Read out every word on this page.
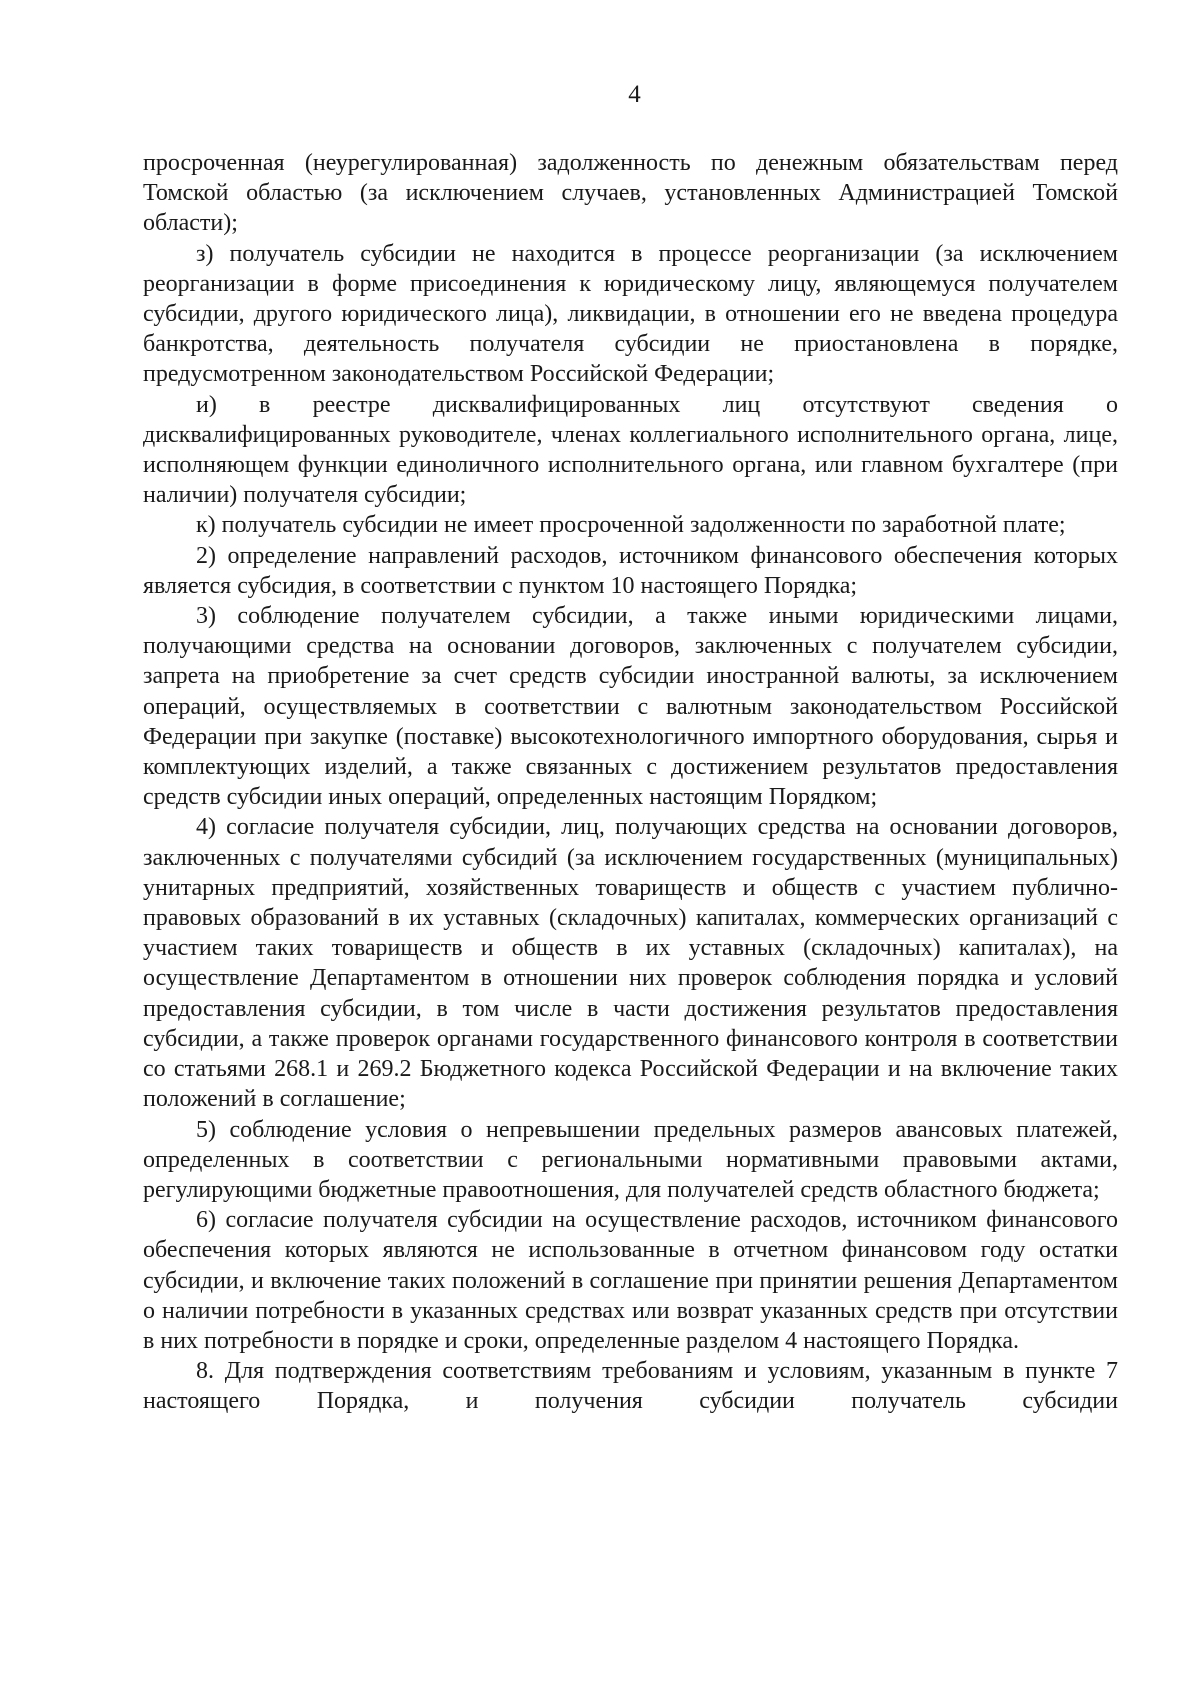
4

просроченная (неурегулированная) задолженность по денежным обязательствам перед Томской областью (за исключением случаев, установленных Администрацией Томской области);

з) получатель субсидии не находится в процессе реорганизации (за исключением реорганизации в форме присоединения к юридическому лицу, являющемуся получателем субсидии, другого юридического лица), ликвидации, в отношении его не введена процедура банкротства, деятельность получателя субсидии не приостановлена в порядке, предусмотренном законодательством Российской Федерации;

и) в реестре дисквалифицированных лиц отсутствуют сведения о дисквалифицированных руководителе, членах коллегиального исполнительного органа, лице, исполняющем функции единоличного исполнительного органа, или главном бухгалтере (при наличии) получателя субсидии;

к) получатель субсидии не имеет просроченной задолженности по заработной плате;

2) определение направлений расходов, источником финансового обеспечения которых является субсидия, в соответствии с пунктом 10 настоящего Порядка;

3) соблюдение получателем субсидии, а также иными юридическими лицами, получающими средства на основании договоров, заключенных с получателем субсидии, запрета на приобретение за счет средств субсидии иностранной валюты, за исключением операций, осуществляемых в соответствии с валютным законодательством Российской Федерации при закупке (поставке) высокотехнологичного импортного оборудования, сырья и комплектующих изделий, а также связанных с достижением результатов предоставления средств субсидии иных операций, определенных настоящим Порядком;

4) согласие получателя субсидии, лиц, получающих средства на основании договоров, заключенных с получателями субсидий (за исключением государственных (муниципальных) унитарных предприятий, хозяйственных товариществ и обществ с участием публично-правовых образований в их уставных (складочных) капиталах, коммерческих организаций с участием таких товариществ и обществ в их уставных (складочных) капиталах), на осуществление Департаментом в отношении них проверок соблюдения порядка и условий предоставления субсидии, в том числе в части достижения результатов предоставления субсидии, а также проверок органами государственного финансового контроля в соответствии со статьями 268.1 и 269.2 Бюджетного кодекса Российской Федерации и на включение таких положений в соглашение;

5) соблюдение условия о непревышении предельных размеров авансовых платежей, определенных в соответствии с региональными нормативными правовыми актами, регулирующими бюджетные правоотношения, для получателей средств областного бюджета;

6) согласие получателя субсидии на осуществление расходов, источником финансового обеспечения которых являются не использованные в отчетном финансовом году остатки субсидии, и включение таких положений в соглашение при принятии решения Департаментом о наличии потребности в указанных средствах или возврат указанных средств при отсутствии в них потребности в порядке и сроки, определенные разделом 4 настоящего Порядка.

8. Для подтверждения соответствиям требованиям и условиям, указанным в пункте 7 настоящего Порядка, и получения субсидии получатель субсидии
